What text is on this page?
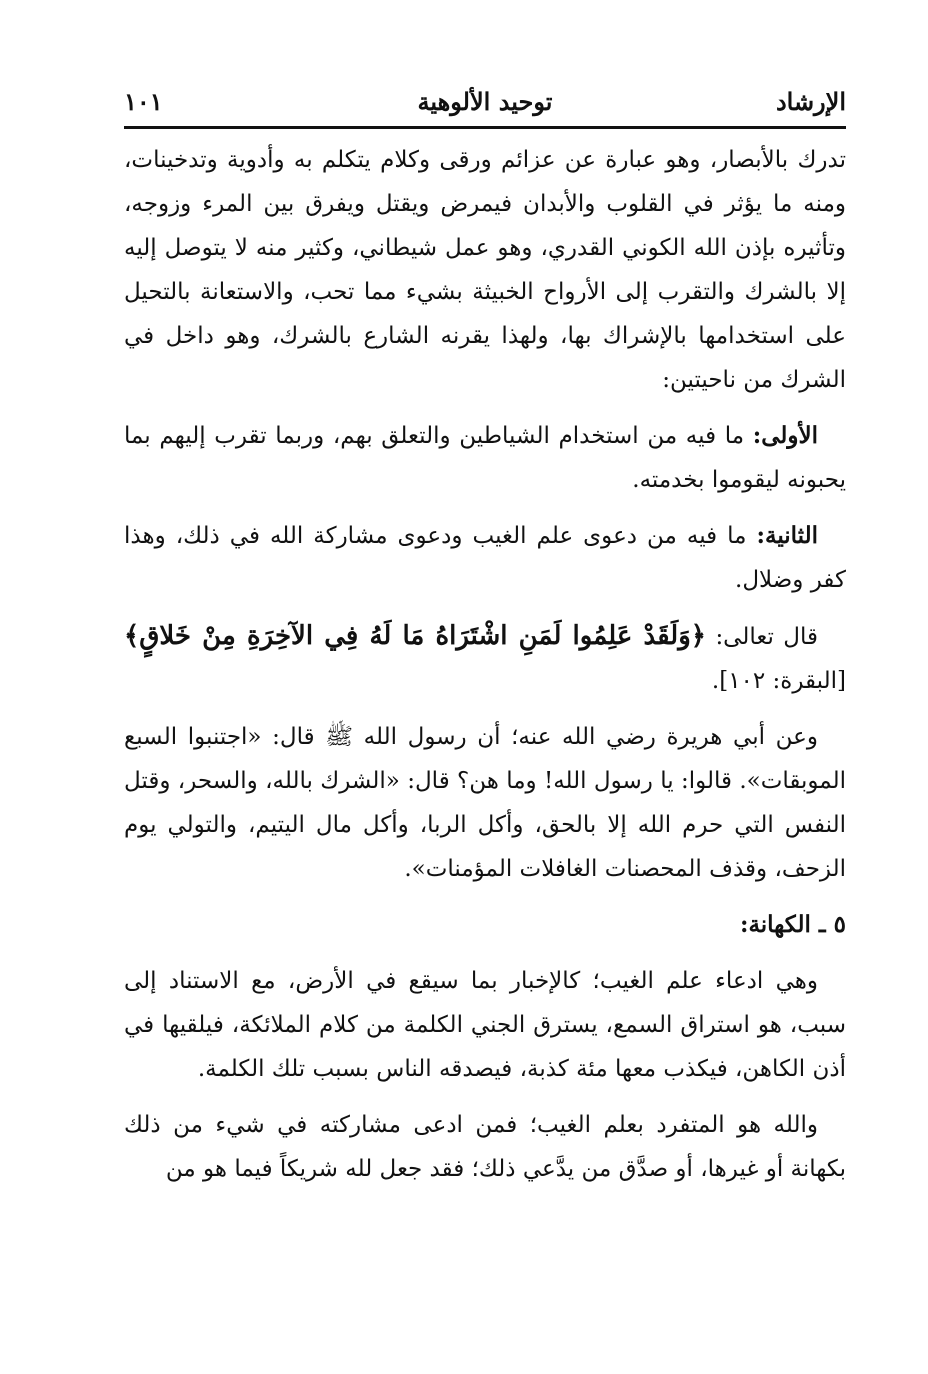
الإرشاد
توحيد الألوهية
١٠١

تدرك بالأبصار، وهو عبارة عن عزائم ورقى وكلام يتكلم به وأدوية وتدخينات، ومنه ما يؤثر في القلوب والأبدان فيمرض ويقتل ويفرق بين المرء وزوجه، وتأثيره بإذن الله الكوني القدري، وهو عمل شيطاني، وكثير منه لا يتوصل إليه إلا بالشرك والتقرب إلى الأرواح الخبيثة بشيء مما تحب، والاستعانة بالتحيل على استخدامها بالإشراك بها، ولهذا يقرنه الشارع بالشرك، وهو داخل في الشرك من ناحيتين:

الأولى: ما فيه من استخدام الشياطين والتعلق بهم، وربما تقرب إليهم بما يحبونه ليقوموا بخدمته.

الثانية: ما فيه من دعوى علم الغيب ودعوى مشاركة الله في ذلك، وهذا كفر وضلال.

قال تعالى: ﴿وَلَقَدْ عَلِمُوا لَمَنِ اشْتَرَاهُ مَا لَهُ فِي الآخِرَةِ مِنْ خَلاقٍ﴾ [البقرة: ١٠٢].

وعن أبي هريرة رضي الله عنه؛ أن رسول الله ﷺ قال: «اجتنبوا السبع الموبقات». قالوا: يا رسول الله! وما هن؟ قال: «الشرك بالله، والسحر، وقتل النفس التي حرم الله إلا بالحق، وأكل الربا، وأكل مال اليتيم، والتولي يوم الزحف، وقذف المحصنات الغافلات المؤمنات».

٥ ـ الكهانة:

وهي ادعاء علم الغيب؛ كالإخبار بما سيقع في الأرض، مع الاستناد إلى سبب، هو استراق السمع، يسترق الجني الكلمة من كلام الملائكة، فيلقيها في أذن الكاهن، فيكذب معها مئة كذبة، فيصدقه الناس بسبب تلك الكلمة.

والله هو المتفرد بعلم الغيب؛ فمن ادعى مشاركته في شيء من ذلك بكهانة أو غيرها، أو صدَّق من يدَّعي ذلك؛ فقد جعل لله شريكاً فيما هو من
